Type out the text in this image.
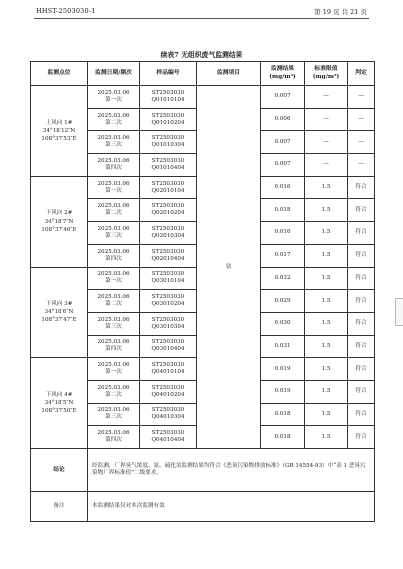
HHST-2503030-1	第 19 页 共 21 页
续表7 无组织废气监测结果
监测点位	监测日期/频次	样品编号	监测项目	监测结果(mg/m³)	标准限值(mg/m³)	判定

上风向 1#
34°18′12″N
108°37′53″E	2025.03.06
第一次	ST2503030
Q01010104	氨	0.007	—	—

	2025.03.06
第二次	ST2503030
Q01010204		0.006	—	—

	2025.03.06
第三次	ST2503030
Q01010304		0.007	—	—

	2025.03.06
第四次	ST2503030
Q01010404		0.007	—	—

下风向 2#
34°18′7″N
108°37′46″E	2025.03.06
第一次	ST2503030
Q02010104		0.016	1.5	符合

	2025.03.06
第二次	ST2503030
Q02010204		0.018	1.5	符合

	2025.03.06
第三次	ST2503030
Q02010304		0.016	1.5	符合

	2025.03.06
第四次	ST2503030
Q02010404		0.017	1.5	符合

下风向 3#
34°18′6″N
108°37′47″E	2025.03.06
第一次	ST2503030
Q03010104		0.032	1.5	符合

	2025.03.06
第二次	ST2503030
Q03010204		0.029	1.5	符合

	2025.03.06
第三次	ST2503030
Q03010304		0.030	1.5	符合

	2025.03.06
第四次	ST2503030
Q03010404		0.031	1.5	符合

下风向 4#
34°18′5″N
108°37′50″E	2025.03.06
第一次	ST2503030
Q04010104		0.019	1.5	符合

	2025.03.06
第二次	ST2503030
Q04010204		0.019	1.5	符合

	2025.03.06
第三次	ST2503030
Q04010304		0.018	1.5	符合

	2025.03.06
第四次	ST2503030
Q04010404		0.018	1.5	符合
结论	经监测，厂界臭气浓度、氨、硫化氢监测结果均符合《恶臭污染物排放标准》（GB 14554-93）中“表 1 恶臭污染物厂界标准值”二级要求。					
备注	本监测结果仅对本次监测有效					
